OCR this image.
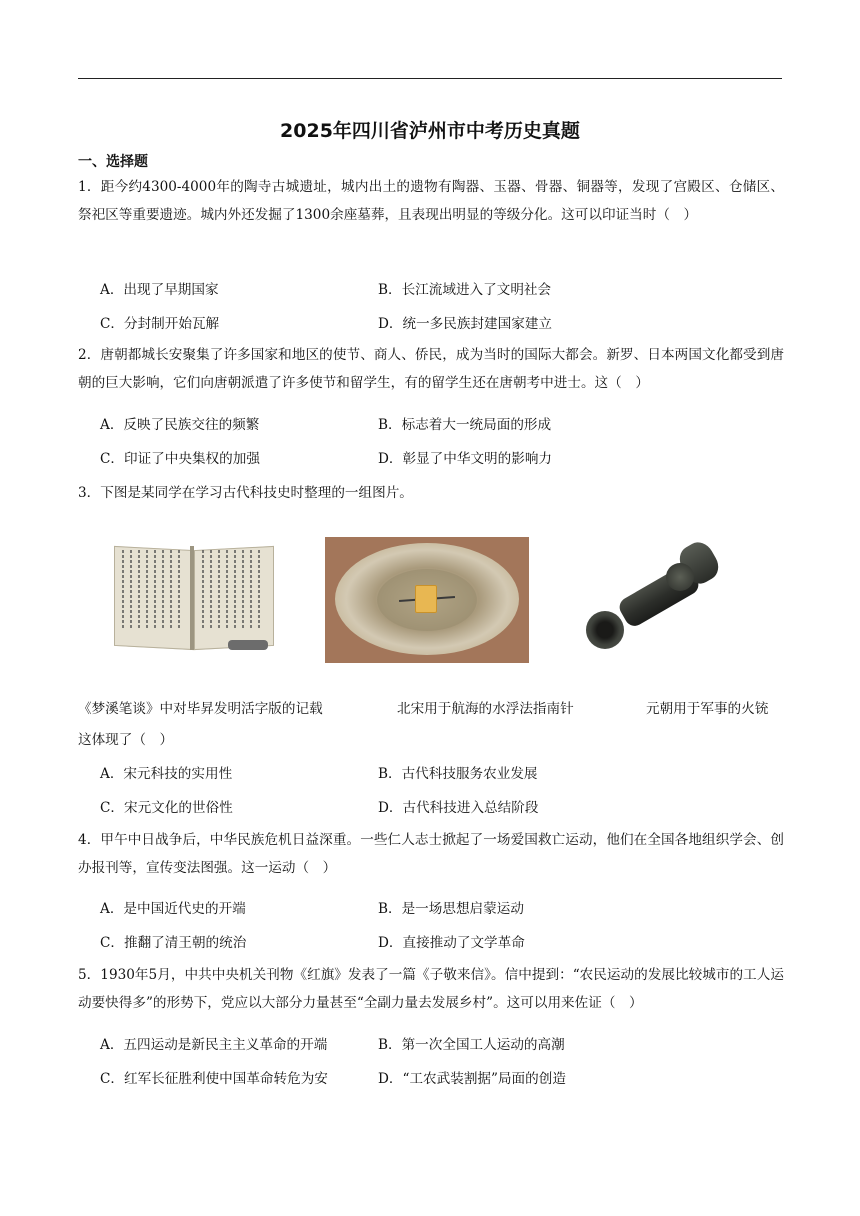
2025年四川省泸州市中考历史真题
一、选择题
1．距今约4300-4000年的陶寺古城遗址，城内出土的遗物有陶器、玉器、骨器、铜器等，发现了宫殿区、仓储区、祭祀区等重要遗迹。城内外还发掘了1300余座墓葬，且表现出明显的等级分化。这可以印证当时（　）
A．出现了早期国家	B．长江流域进入了文明社会
C．分封制开始瓦解	D．统一多民族封建国家建立
2．唐朝都城长安聚集了许多国家和地区的使节、商人、侨民，成为当时的国际大都会。新罗、日本两国文化都受到唐朝的巨大影响，它们向唐朝派遣了许多使节和留学生，有的留学生还在唐朝考中进士。这（　）
A．反映了民族交往的频繁	B．标志着大一统局面的形成
C．印证了中央集权的加强	D．彰显了中华文明的影响力
3．下图是某同学在学习古代科技史时整理的一组图片。
《梦溪笔谈》中对毕昇发明活字版的记载	北宋用于航海的水浮法指南针	元朝用于军事的火铳
这体现了（　）
A．宋元科技的实用性	B．古代科技服务农业发展
C．宋元文化的世俗性	D．古代科技进入总结阶段
4．甲午中日战争后，中华民族危机日益深重。一些仁人志士掀起了一场爱国救亡运动，他们在全国各地组织学会、创办报刊等，宣传变法图强。这一运动（　）
A．是中国近代史的开端	B．是一场思想启蒙运动
C．推翻了清王朝的统治	D．直接推动了文学革命
5．1930年5月，中共中央机关刊物《红旗》发表了一篇《子敬来信》。信中提到：“农民运动的发展比较城市的工人运动要快得多”的形势下，党应以大部分力量甚至“全副力量去发展乡村”。这可以用来佐证（　）
A．五四运动是新民主主义革命的开端	B．第一次全国工人运动的高潮
C．红军长征胜利使中国革命转危为安	D．“工农武装割据”局面的创造
